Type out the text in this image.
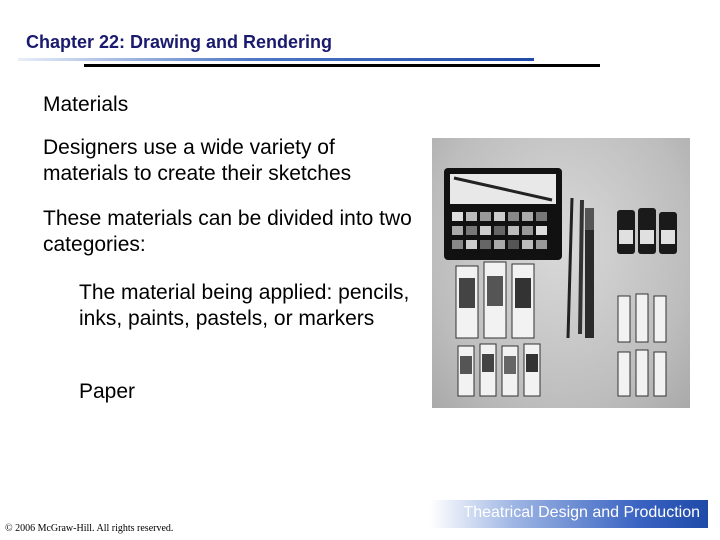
Chapter 22: Drawing and Rendering
Materials
Designers use a wide variety of materials to create their sketches
These materials can be divided into two categories:
The material being applied: pencils, inks, paints, pastels, or markers
Paper
Theatrical Design and Production
© 2006 McGraw-Hill. All rights reserved.
